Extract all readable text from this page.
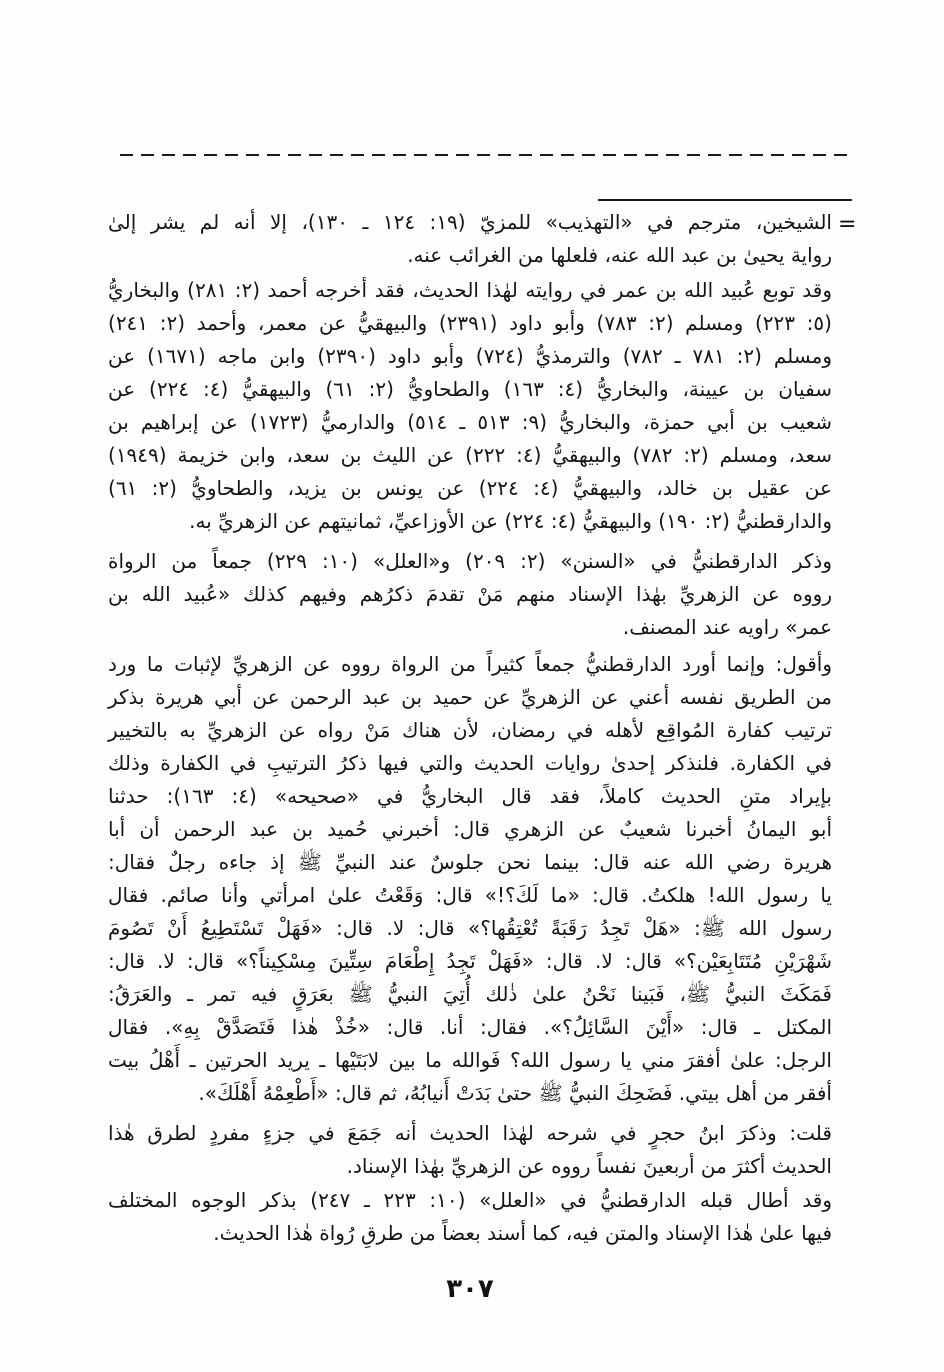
=
الشيخين، مترجم في «التهذيب» للمزيّ (١٩: ١٢٤ ـ ١٣٠)، إلا أنه لم يشر إلىٰ
رواية يحيىٰ بن عبد الله عنه، فلعلها من الغرائب عنه.
وقد توبع عُبيد الله بن عمر في روايته لهٰذا الحديث، فقد أخرجه أحمد (٢: ٢٨١) والبخاريُّ
(٥: ٢٢٣) ومسلم (٢: ٧٨٣) وأبو داود (٢٣٩١) والبيهقيُّ عن معمر، وأحمد (٢: ٢٤١)
ومسلم (٢: ٧٨١ ـ ٧٨٢) والترمذيُّ (٧٢٤) وأبو داود (٢٣٩٠) وابن ماجه (١٦٧١) عن
سفيان بن عيينة، والبخاريُّ (٤: ١٦٣) والطحاويُّ (٢: ٦١) والبيهقيُّ (٤: ٢٢٤) عن
شعيب بن أبي حمزة، والبخاريُّ (٩: ٥١٣ ـ ٥١٤) والدارميُّ (١٧٢٣) عن إبراهيم بن
سعد، ومسلم (٢: ٧٨٢) والبيهقيُّ (٤: ٢٢٢) عن الليث بن سعد، وابن خزيمة (١٩٤٩)
عن عقيل بن خالد، والبيهقيُّ (٤: ٢٢٤) عن يونس بن يزيد، والطحاويُّ (٢: ٦١)
والدارقطنيُّ (٢: ١٩٠) والبيهقيُّ (٤: ٢٢٤) عن الأوزاعيِّ، ثمانيتهم عن الزهريِّ به.
وذكر الدارقطنيُّ في «السنن» (٢: ٢٠٩) و«العلل» (١٠: ٢٢٩) جمعاً من الرواة
رووه عن الزهريِّ بهٰذا الإسناد منهم مَنْ تقدمَ ذكرُهم وفيهم كذلك «عُبيد الله بن
عمر» راويه عند المصنف.
وأقول: وإنما أورد الدارقطنيُّ جمعاً كثيراً من الرواة رووه عن الزهريِّ لإثبات ما ورد
من الطريق نفسه أعني عن الزهريِّ عن حميد بن عبد الرحمن عن أبي هريرة بذكر
ترتيب كفارة المُواقِع لأهله في رمضان، لأن هناك مَنْ رواه عن الزهريِّ به بالتخيير
في الكفارة. فلنذكر إحدىٰ روايات الحديث والتي فيها ذكرُ الترتيبِ في الكفارة وذلك
بإيراد متنِ الحديث كاملاً، فقد قال البخاريُّ في «صحيحه» (٤: ١٦٣): حدثنا
أبو اليمانُ أخبرنا شعيبٌ عن الزهري قال: أخبرني حُميد بن عبد الرحمن أن أبا
هريرة رضي الله عنه قال: بينما نحن جلوسٌ عند النبيِّ ﷺ إذ جاءه رجلٌ فقال:
يا رسول الله! هلكتُ. قال: «ما لَكَ؟!» قال: وَقَعْتُ علىٰ امرأتي وأنا صائم. فقال
رسول الله ﷺ: «هَلْ تَجِدُ رَقَبَةً تُعْتِقُها؟» قال: لا. قال: «فَهَلْ تَسْتَطِيعُ أَنْ تَصُومَ
شَهْرَيْنِ مُتَتَابِعَيْن؟» قال: لا. قال: «فَهَلْ تَجِدُ إِطْعَامَ سِتِّينَ مِسْكِيناً؟» قال: لا. قال:
فَمَكَثَ النبيُّ ﷺ، فَبَينا نَحْنُ علىٰ ذٰلك أُتِيَ النبيُّ ﷺ بعَرَقٍ فيه تمر ـ والعَرَقُ:
المكتل ـ قال: «أَيْنَ السَّائِلُ؟». فقال: أنا. قال: «خُذْ هٰذا فَتَصَدَّقْ بِهِ». فقال
الرجل: علىٰ أفقرَ مني يا رسول الله؟ فَوالله ما بين لابَتَيْها ـ يريد الحرتين ـ أَهْلُ بيت
أفقر من أهل بيتي. فَضَحِكَ النبيُّ ﷺ حتىٰ بَدَتْ أَنيابُهُ، ثم قال: «أَطْعِمْهُ أَهْلَكَ».
قلت: وذكرَ ابنُ حجرٍ في شرحه لهٰذا الحديث أنه جَمَعَ في جزءٍ مفردٍ لطرق هٰذا
الحديث أكثرَ من أربعينَ نفساً رووه عن الزهريِّ بهٰذا الإسناد.
وقد أطال قبله الدارقطنيُّ في «العلل» (١٠: ٢٢٣ ـ ٢٤٧) بذكر الوجوه المختلف
فيها علىٰ هٰذا الإسناد والمتن فيه، كما أسند بعضاً من طرقِ رُواة هٰذا الحديث.
٣٠٧
